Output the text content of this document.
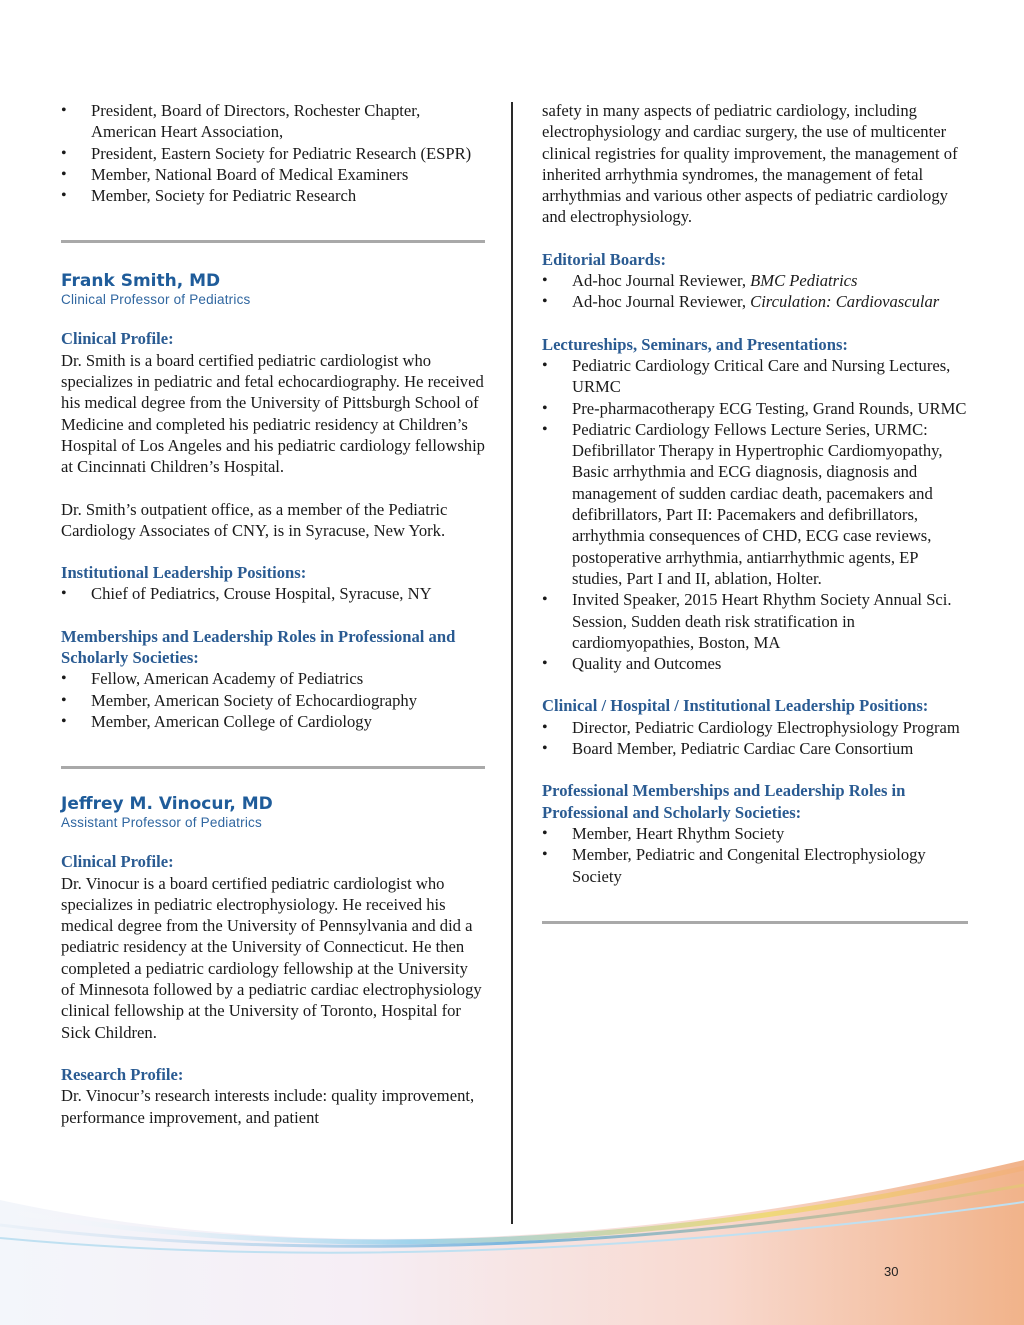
• President, Board of Directors, Rochester Chapter, American Heart Association,
• President, Eastern Society for Pediatric Research (ESPR)
• Member, National Board of Medical Examiners
• Member, Society for Pediatric Research

Frank Smith, MD

Clinical Professor of Pediatrics

Clinical Profile:

Dr. Smith is a board certified pediatric cardiologist who specializes in pediatric and fetal echocardiography. He received his medical degree from the University of Pittsburgh School of Medicine and completed his pediatric residency at Children’s Hospital of Los Angeles and his pediatric cardiology fellowship at Cincinnati Children’s Hospital.

Dr. Smith’s outpatient office, as a member of the Pediatric Cardiology Associates of CNY, is in Syracuse, New York.

Institutional Leadership Positions:

• Chief of Pediatrics, Crouse Hospital, Syracuse, NY

Memberships and Leadership Roles in Professional and Scholarly Societies:

• Fellow, American Academy of Pediatrics
• Member, American Society of Echocardiography
• Member, American College of Cardiology

Jeffrey M. Vinocur, MD

Assistant Professor of Pediatrics

Clinical Profile:

Dr. Vinocur is a board certified pediatric cardiologist who specializes in pediatric electrophysiology. He received his medical degree from the University of Pennsylvania and did a pediatric residency at the University of Connecticut. He then completed a pediatric cardiology fellowship at the University of Minnesota followed by a pediatric cardiac electrophysiology clinical fellowship at the University of Toronto, Hospital for Sick Children.

Research Profile:

Dr. Vinocur’s research interests include: quality improvement, performance improvement, and patient

safety in many aspects of pediatric cardiology, including electrophysiology and cardiac surgery, the use of multicenter clinical registries for quality improvement, the management of inherited arrhythmia syndromes, the management of fetal arrhythmias and various other aspects of pediatric cardiology and electrophysiology.

Editorial Boards:

• Ad-hoc Journal Reviewer, BMC Pediatrics
• Ad-hoc Journal Reviewer, Circulation: Cardiovascular

Lectureships, Seminars, and Presentations:

• Pediatric Cardiology Critical Care and Nursing Lectures, URMC
• Pre-pharmacotherapy ECG Testing, Grand Rounds, URMC
• Pediatric Cardiology Fellows Lecture Series, URMC: Defibrillator Therapy in Hypertrophic Cardiomyopathy, Basic arrhythmia and ECG diagnosis, diagnosis and management of sudden cardiac death, pacemakers and defibrillators, Part II: Pacemakers and defibrillators, arrhythmia consequences of CHD, ECG case reviews, postoperative arrhythmia, antiarrhythmic agents, EP studies, Part I and II, ablation, Holter.
• Invited Speaker, 2015 Heart Rhythm Society Annual Sci. Session, Sudden death risk stratification in cardiomyopathies, Boston, MA
• Quality and Outcomes

Clinical / Hospital / Institutional Leadership Positions:

• Director, Pediatric Cardiology Electrophysiology Program
• Board Member, Pediatric Cardiac Care Consortium

Professional Memberships and Leadership Roles in Professional and Scholarly Societies:

• Member, Heart Rhythm Society
• Member, Pediatric and Congenital Electrophysiology Society
30
